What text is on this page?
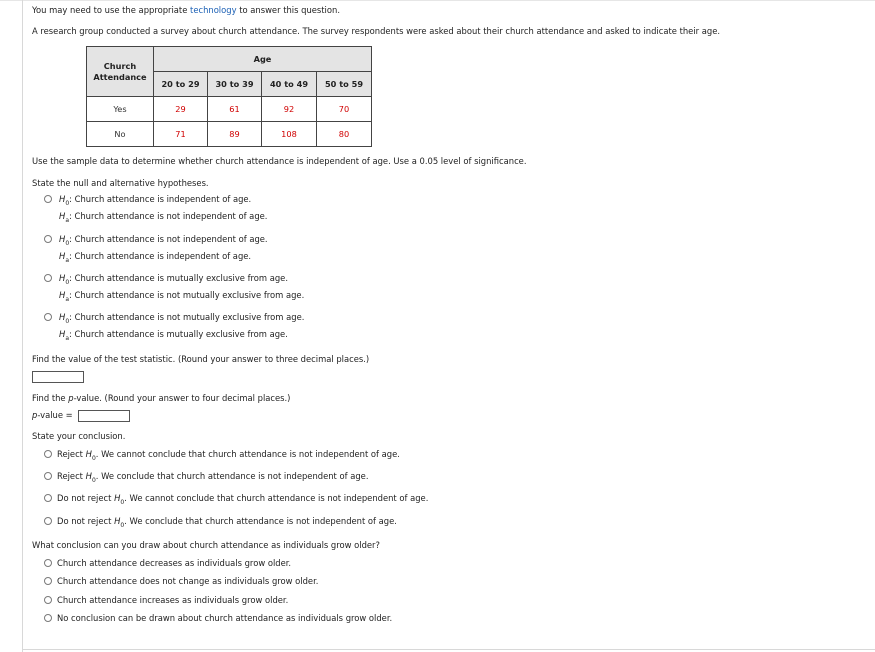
You may need to use the appropriate technology to answer this question.
A research group conducted a survey about church attendance. The survey respondents were asked about their church attendance and asked to indicate their age.
Church Attendance	Age			
	20 to 29	30 to 39	40 to 49	50 to 59
Yes	29	61	92	70
No	71	89	108	80
Use the sample data to determine whether church attendance is independent of age. Use a 0.05 level of significance.
State the null and alternative hypotheses.
$H_0$: Church attendance is independent of age.
$H_a$: Church attendance is not independent of age.
$H_0$: Church attendance is not independent of age.
$H_a$: Church attendance is independent of age.
$H_0$: Church attendance is mutually exclusive from age.
$H_a$: Church attendance is not mutually exclusive from age.
$H_0$: Church attendance is not mutually exclusive from age.
$H_a$: Church attendance is mutually exclusive from age.
Find the value of the test statistic. (Round your answer to three decimal places.)
Find the p-value. (Round your answer to four decimal places.)
p-value =
State your conclusion.
Reject $H_0$. We cannot conclude that church attendance is not independent of age.
Reject $H_0$. We conclude that church attendance is not independent of age.
Do not reject $H_0$. We cannot conclude that church attendance is not independent of age.
Do not reject $H_0$. We conclude that church attendance is not independent of age.
What conclusion can you draw about church attendance as individuals grow older?
Church attendance decreases as individuals grow older.
Church attendance does not change as individuals grow older.
Church attendance increases as individuals grow older.
No conclusion can be drawn about church attendance as individuals grow older.
